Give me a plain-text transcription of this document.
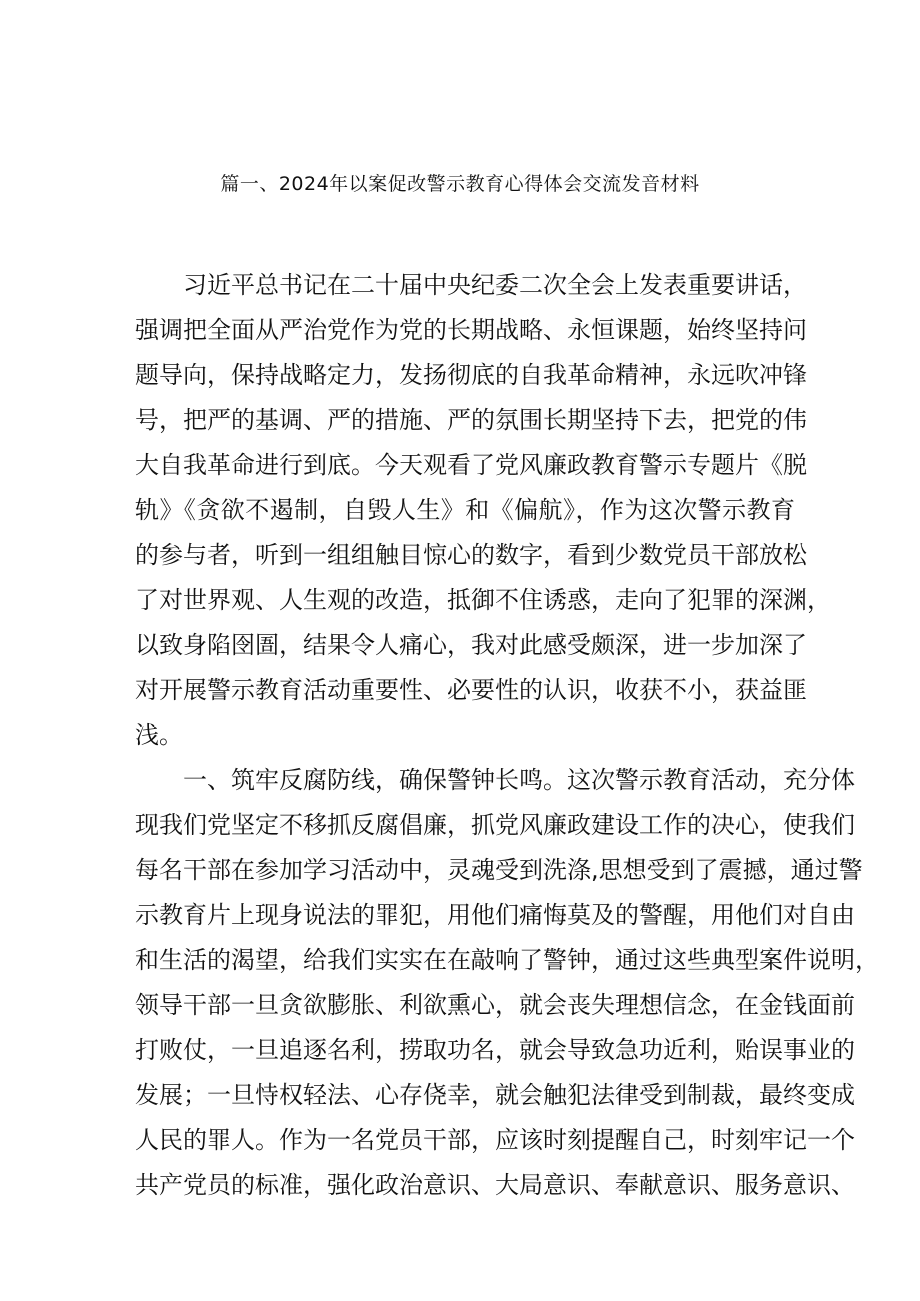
篇一、2024年以案促改警示教育心得体会交流发音材料
习近平总书记在二十届中央纪委二次全会上发表重要讲话，
强调把全面从严治党作为党的长期战略、永恒课题，始终坚持问
题导向，保持战略定力，发扬彻底的自我革命精神，永远吹冲锋
号，把严的基调、严的措施、严的氛围长期坚持下去，把党的伟
大自我革命进行到底。今天观看了党风廉政教育警示专题片《脱
轨》《贪欲不遏制，自毁人生》和《偏航》，作为这次警示教育
的参与者，听到一组组触目惊心的数字，看到少数党员干部放松
了对世界观、人生观的改造，抵御不住诱惑，走向了犯罪的深渊，
以致身陷囹圄，结果令人痛心，我对此感受颇深，进一步加深了
对开展警示教育活动重要性、必要性的认识，收获不小，获益匪
浅。
一、筑牢反腐防线，确保警钟长鸣。这次警示教育活动，充分体
现我们党坚定不移抓反腐倡廉，抓党风廉政建设工作的决心，使我们
每名干部在参加学习活动中，灵魂受到洗涤,思想受到了震撼，通过警
示教育片上现身说法的罪犯，用他们痛悔莫及的警醒，用他们对自由
和生活的渴望，给我们实实在在敲响了警钟，通过这些典型案件说明，
领导干部一旦贪欲膨胀、利欲熏心，就会丧失理想信念，在金钱面前
打败仗，一旦追逐名利，捞取功名，就会导致急功近利，贻误事业的
发展；一旦恃权轻法、心存侥幸，就会触犯法律受到制裁，最终变成
人民的罪人。作为一名党员干部，应该时刻提醒自己，时刻牢记一个
共产党员的标准，强化政治意识、大局意识、奉献意识、服务意识、
